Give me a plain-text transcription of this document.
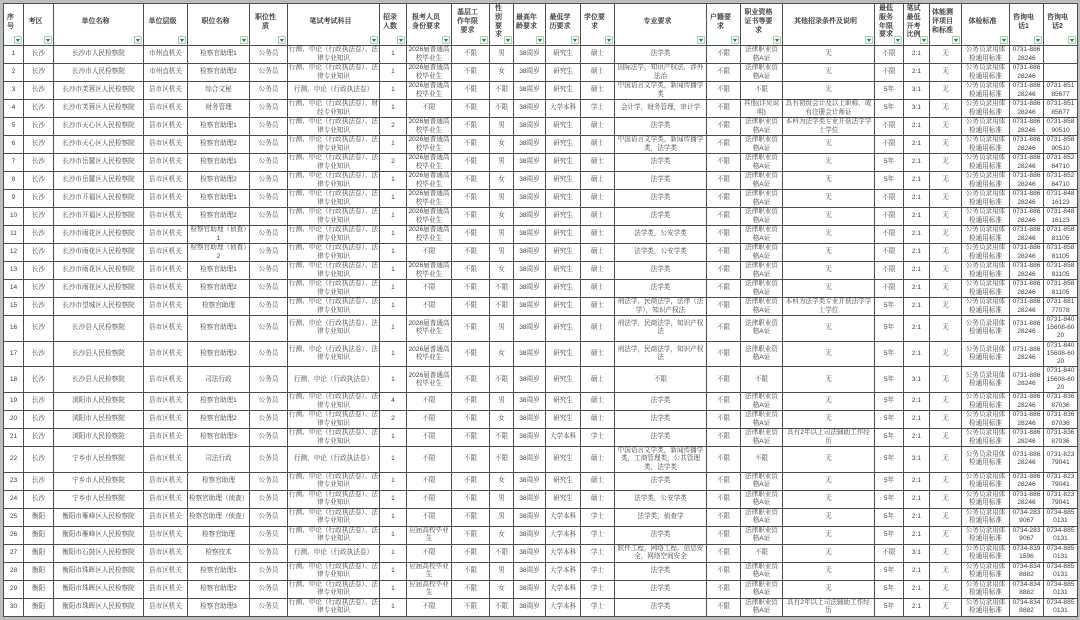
序号	考区	单位名称	单位层级	职位名称	职位性质	笔试考试科目	招录人数	报考人员身份要求	基层工作年限要求	性别要求	最高年龄要求	最低学历要求	学位要求	专业要求	户籍要求	职业资格证书等要求	其他招录条件及说明	最低服务年限要求	笔试最低开考比例	体能测评项目和标准	体检标准	咨询电话1	咨询电话2

1	长沙	长沙市人民检察院	市州直机关	检察官助理1	公务员	行测、申论（行政执法卷）、法律专业知识	1	2026届普通高校毕业生	不限	男	38周岁	研究生	硕士	法学类	不限	法律职业资格A证	无	不限	2:1	无	公务员录用体检通用标准	0731-88628246	
2	长沙	长沙市人民检察院	市州直机关	检察官助理2	公务员	行测、申论（行政执法卷）、法律专业知识	1	2026届普通高校毕业生	不限	女	38周岁	研究生	硕士	国际法学，知识产权法，涉外法治	不限	法律职业资格A证	无	不限	2:1	无	公务员录用体检通用标准	0731-88628246	
3	长沙	长沙市芙蓉区人民检察院	县市区机关	综合文秘	公务员	行测、申论（行政执法卷）	1	2026届普通高校毕业生	不限	不限	38周岁	研究生	硕士	中国语言文学类，新闻传播学类	不限	不限	无	5年	3:1	无	公务员录用体检通用标准	0731-88628246	0731-85185677
4	长沙	长沙市芙蓉区人民检察院	县市区机关	财务管理	公务员	行测、申论（行政执法卷）、财经专业知识	1	不限	不限	不限	38周岁	大学本科	学士	会计学，财务管理，审计学	不限	其他(详见说明)	具有初级会计及以上职称，或有注册会计师证	5年	3:1	无	公务员录用体检通用标准	0731-88628246	0731-85185677
5	长沙	长沙市天心区人民检察院	县市区机关	检察官助理1	公务员	行测、申论（行政执法卷）、法律专业知识	2	2026届普通高校毕业生	不限	男	38周岁	研究生	硕士	法学类	不限	法律职业资格A证	本科为法学类专业并获法学学士学位	不限	2:1	无	公务员录用体检通用标准	0731-88628246	0731-85890510
6	长沙	长沙市天心区人民检察院	县市区机关	检察官助理2	公务员	行测、申论（行政执法卷）、法律专业知识	1	2026届普通高校毕业生	不限	女	38周岁	研究生	硕士	中国语言文学类，新闻传播学类，法学类	不限	法律职业资格A证	无	不限	2:1	无	公务员录用体检通用标准	0731-88628246	0731-85890510
7	长沙	长沙市岳麓区人民检察院	县市区机关	检察官助理1	公务员	行测、申论（行政执法卷）、法律专业知识	2	2026届普通高校毕业生	不限	男	38周岁	研究生	硕士	法学类	不限	法律职业资格A证	无	5年	2:1	无	公务员录用体检通用标准	0731-88628246	0731-85284710
8	长沙	长沙市岳麓区人民检察院	县市区机关	检察官助理2	公务员	行测、申论（行政执法卷）、法律专业知识	1	2026届普通高校毕业生	不限	女	38周岁	研究生	硕士	法学类	不限	法律职业资格A证	无	5年	2:1	无	公务员录用体检通用标准	0731-88628246	0731-85284710
9	长沙	长沙市开福区人民检察院	县市区机关	检察官助理1	公务员	行测、申论（行政执法卷）、法律专业知识	1	2026届普通高校毕业生	不限	男	38周岁	研究生	硕士	法学类	不限	法律职业资格A证	无	不限	2:1	无	公务员录用体检通用标准	0731-88628246	0731-84816123
10	长沙	长沙市开福区人民检察院	县市区机关	检察官助理2	公务员	行测、申论（行政执法卷）、法律专业知识	1	2026届普通高校毕业生	不限	女	38周岁	研究生	硕士	法学类	不限	法律职业资格A证	无	不限	2:1	无	公务员录用体检通用标准	0731-88628246	0731-84816123
11	长沙	长沙市雨花区人民检察院	县市区机关	检察官助理（侦查）1	公务员	行测、申论（行政执法卷）、法律专业知识	1	2026届普通高校毕业生	不限	男	38周岁	研究生	硕士	法学类，公安学类	不限	法律职业资格A证	无	不限	2:1	无	公务员录用体检通用标准	0731-88628246	0731-85881105
12	长沙	长沙市雨花区人民检察院	县市区机关	检察官助理（侦查）2	公务员	行测、申论（行政执法卷）、法律专业知识	1	不限	不限	男	38周岁	研究生	硕士	法学类，公安学类	不限	法律职业资格A证	无	不限	2:1	无	公务员录用体检通用标准	0731-88628246	0731-85881105
13	长沙	长沙市雨花区人民检察院	县市区机关	检察官助理1	公务员	行测、申论（行政执法卷）、法律专业知识	1	2026届普通高校毕业生	不限	女	38周岁	研究生	硕士	法学类	不限	法律职业资格A证	无	不限	2:1	无	公务员录用体检通用标准	0731-88628246	0731-85881105
14	长沙	长沙市雨花区人民检察院	县市区机关	检察官助理2	公务员	行测、申论（行政执法卷）、法律专业知识	1	不限	不限	不限	38周岁	研究生	硕士	法学类	不限	法律职业资格A证	无	不限	2:1	无	公务员录用体检通用标准	0731-88628246	0731-85881105
15	长沙	长沙市望城区人民检察院	县市区机关	检察官助理	公务员	行测、申论（行政执法卷）、法律专业知识	1	不限	不限	不限	38周岁	研究生	硕士	刑法学，民商法学，法律（法学），知识产权法	不限	法律职业资格A证	本科为法学类专业并获法学学士学位	5年	2:1	无	公务员录用体检通用标准	0731-88628246	0731-88177078
16	长沙	长沙县人民检察院	县市区机关	检察官助理1	公务员	行测、申论（行政执法卷）、法律专业知识	1	2026届普通高校毕业生	不限	男	38周岁	研究生	硕士	刑法学，民商法学，知识产权法	不限	法律职业资格A证	无	5年	2:1	无	公务员录用体检通用标准	0731-88628246	0731-84015608-6020
17	长沙	长沙县人民检察院	县市区机关	检察官助理2	公务员	行测、申论（行政执法卷）、法律专业知识	1	2026届普通高校毕业生	不限	女	38周岁	研究生	硕士	刑法学，民商法学，知识产权法	不限	法律职业资格A证	无	5年	2:1	无	公务员录用体检通用标准	0731-88628246	0731-84015608-6020
18	长沙	长沙县人民检察院	县市区机关	司法行政	公务员	行测、申论（行政执法卷）	1	2026届普通高校毕业生	不限	不限	38周岁	研究生	硕士	不限	不限	不限	无	5年	3:1	无	公务员录用体检通用标准	0731-88628246	0731-84015608-6020
19	长沙	浏阳市人民检察院	县市区机关	检察官助理1	公务员	行测、申论（行政执法卷）、法律专业知识	4	不限	不限	男	38周岁	研究生	硕士	法学类	不限	法律职业资格A证	无	5年	2:1	无	公务员录用体检通用标准	0731-88628246	0731-83687036
20	长沙	浏阳市人民检察院	县市区机关	检察官助理2	公务员	行测、申论（行政执法卷）、法律专业知识	2	不限	不限	女	38周岁	研究生	硕士	法学类	不限	法律职业资格A证	无	5年	2:1	无	公务员录用体检通用标准	0731-88628246	0731-83687036
21	长沙	浏阳市人民检察院	县市区机关	检察官助理3	公务员	行测、申论（行政执法卷）、法律专业知识	1	不限	不限	不限	38周岁	大学本科	学士	法学类	不限	法律职业资格A证	具有2年以上司法辅助工作经历	5年	2:1	无	公务员录用体检通用标准	0731-88628246	0731-83687036
22	长沙	宁乡市人民检察院	县市区机关	司法行政	公务员	行测、申论（行政执法卷）	1	不限	不限	不限	38周岁	研究生	硕士	中国语言文学类，新闻传播学类，工商管理类，公共管理类，法学类	不限	不限	无	5年	3:1	无	公务员录用体检通用标准	0731-88628246	0731-82379041
23	长沙	宁乡市人民检察院	县市区机关	检察官助理	公务员	行测、申论（行政执法卷）、法律专业知识	1	不限	不限	女	38周岁	研究生	硕士	法学类	不限	法律职业资格A证	无	5年	2:1	无	公务员录用体检通用标准	0731-88628246	0731-82379041
24	长沙	宁乡市人民检察院	县市区机关	检察官助理（侦查）	公务员	行测、申论（行政执法卷）、法律专业知识	1	不限	不限	男	38周岁	研究生	硕士	法学类，公安学类	不限	法律职业资格A证	无	5年	2:1	无	公务员录用体检通用标准	0731-88628246	0731-82379041
25	衡阳	衡阳市雁峰区人民检察院	县市区机关	检察官助理（侦查）	公务员	行测、申论（行政执法卷）、法律专业知识	1	不限	不限	男	38周岁	大学本科	学士	法学类，侦查学	不限	法律职业资格A证	无	5年	2:1	无	公务员录用体检通用标准	0734-2839067	0734-8850131
26	衡阳	衡阳市雁峰区人民检察院	县市区机关	检察官助理	公务员	行测、申论（行政执法卷）、法律专业知识	1	应届高校毕业生	不限	女	38周岁	大学本科	学士	法学类	不限	法律职业资格A证	无	5年	2:1	无	公务员录用体检通用标准	0734-2839067	0734-8850131
27	衡阳	衡阳市石鼓区人民检察院	县市区机关	检察技术	公务员	行测、申论（行政执法卷）	1	不限	不限	不限	38周岁	大学本科	学士	软件工程，网络工程，信息安全，网络空间安全	不限	不限	无	不限	3:1	无	公务员录用体检通用标准	0734-8391596	0734-8850131
28	衡阳	衡阳市珠晖区人民检察院	县市区机关	检察官助理1	公务员	行测、申论（行政执法卷）、法律专业知识	1	应届高校毕业生	不限	男	38周岁	大学本科	学士	法学类	不限	法律职业资格A证	无	5年	2:1	无	公务员录用体检通用标准	0734-8348882	0734-8850131
29	衡阳	衡阳市珠晖区人民检察院	县市区机关	检察官助理2	公务员	行测、申论（行政执法卷）、法律专业知识	1	应届高校毕业生	不限	女	38周岁	大学本科	学士	法学类	不限	法律职业资格A证	无	5年	2:1	无	公务员录用体检通用标准	0734-8348882	0734-8850131
30	衡阳	衡阳市珠晖区人民检察院	县市区机关	检察官助理3	公务员	行测、申论（行政执法卷）、法律专业知识	1	不限	不限	不限	38周岁	大学本科	学士	法学类	不限	法律职业资格A证	具有2年以上司法辅助工作经历	5年	2:1	无	公务员录用体检通用标准	0734-8348882	0734-8850131
